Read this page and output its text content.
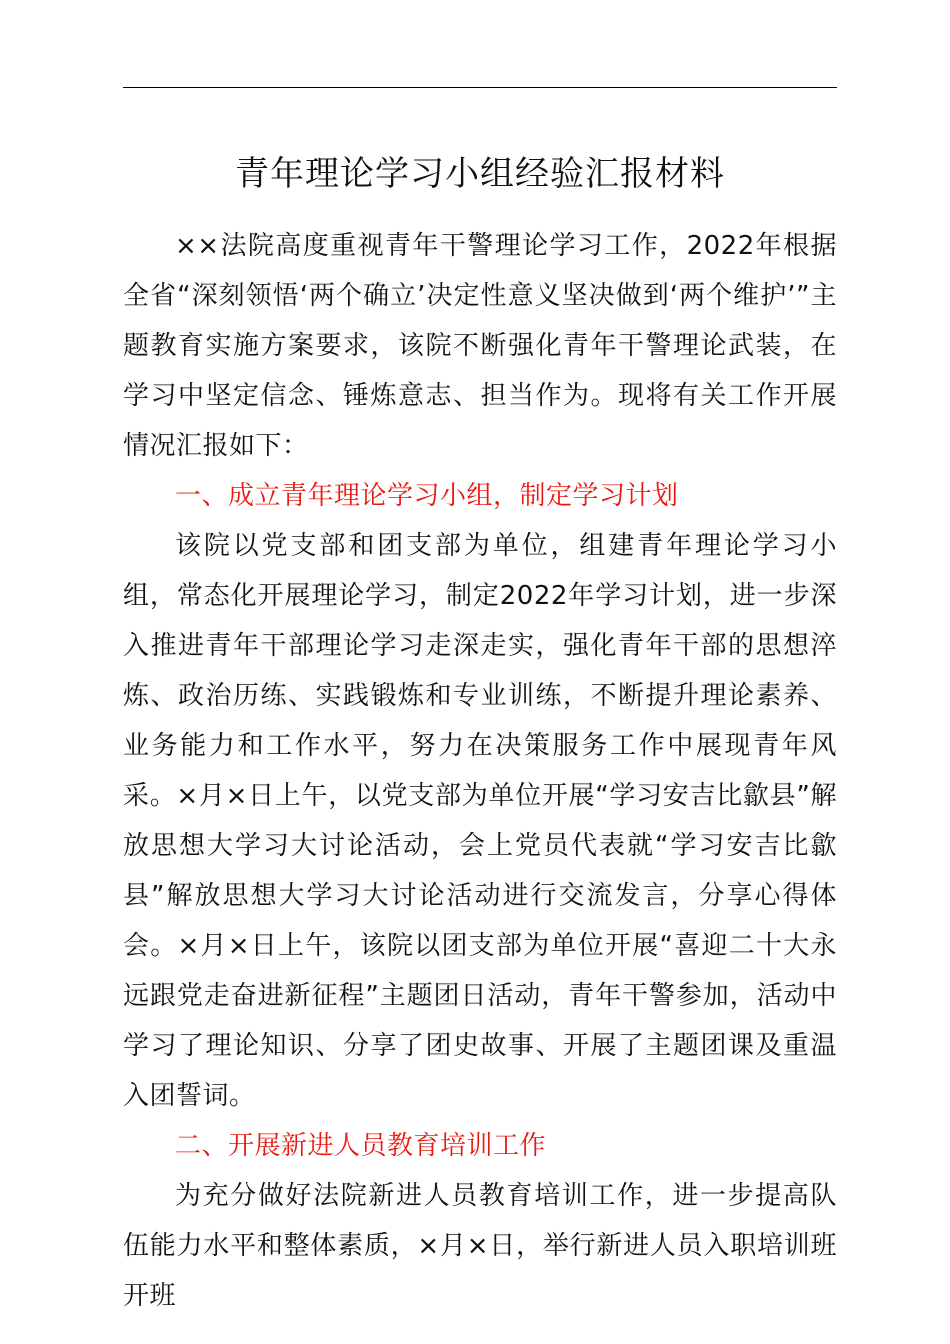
青年理论学习小组经验汇报材料

××法院高度重视青年干警理论学习工作，2022年根据全省“深刻领悟‘两个确立’决定性意义坚决做到‘两个维护’”主题教育实施方案要求，该院不断强化青年干警理论武装，在学习中坚定信念、锤炼意志、担当作为。现将有关工作开展情况汇报如下：

一、成立青年理论学习小组，制定学习计划

该院以党支部和团支部为单位，组建青年理论学习小组，常态化开展理论学习，制定2022年学习计划，进一步深入推进青年干部理论学习走深走实，强化青年干部的思想淬炼、政治历练、实践锻炼和专业训练，不断提升理论素养、业务能力和工作水平，努力在决策服务工作中展现青年风采。×月×日上午，以党支部为单位开展“学习安吉比歙县”解放思想大学习大讨论活动，会上党员代表就“学习安吉比歙县”解放思想大学习大讨论活动进行交流发言，分享心得体会。×月×日上午，该院以团支部为单位开展“喜迎二十大永远跟党走奋进新征程”主题团日活动，青年干警参加，活动中学习了理论知识、分享了团史故事、开展了主题团课及重温入团誓词。

二、开展新进人员教育培训工作

为充分做好法院新进人员教育培训工作，进一步提高队伍能力水平和整体素质，×月×日，举行新进人员入职培训班开班
